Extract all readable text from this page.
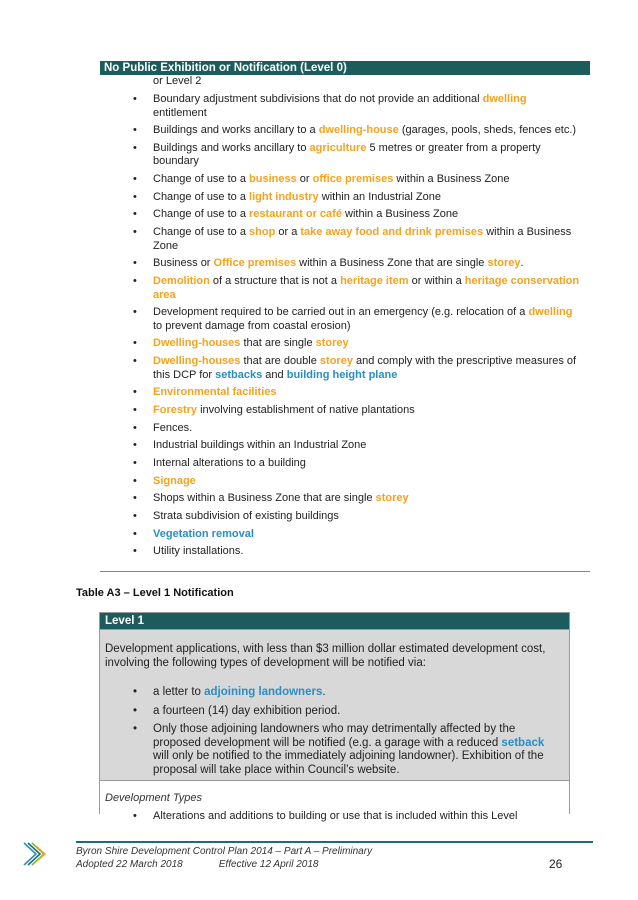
No Public Exhibition or Notification (Level 0)
or Level 2
• Boundary adjustment subdivisions that do not provide an additional dwelling entitlement
• Buildings and works ancillary to a dwelling-house (garages, pools, sheds, fences etc.)
• Buildings and works ancillary to agriculture 5 metres or greater from a property boundary
• Change of use to a business or office premises within a Business Zone
• Change of use to a light industry within an Industrial Zone
• Change of use to a restaurant or café within a Business Zone
• Change of use to a shop or a take away food and drink premises within a Business Zone
• Business or Office premises within a Business Zone that are single storey.
• Demolition of a structure that is not a heritage item or within a heritage conservation area
• Development required to be carried out in an emergency (e.g. relocation of a dwelling to prevent damage from coastal erosion)
• Dwelling-houses that are single storey
• Dwelling-houses that are double storey and comply with the prescriptive measures of this DCP for setbacks and building height plane
• Environmental facilities
• Forestry involving establishment of native plantations
• Fences.
• Industrial buildings within an Industrial Zone
• Internal alterations to a building
• Signage
• Shops within a Business Zone that are single storey
• Strata subdivision of existing buildings
• Vegetation removal
• Utility installations.
Table A3 – Level 1 Notification
Level 1
Development applications, with less than $3 million dollar estimated development cost, involving the following types of development will be notified via:
• a letter to adjoining landowners.
• a fourteen (14) day exhibition period.
• Only those adjoining landowners who may detrimentally affected by the proposed development will be notified (e.g. a garage with a reduced setback will only be notified to the immediately adjoining landowner). Exhibition of the proposal will take place within Council’s website.
Development Types
• Alterations and additions to building or use that is included within this Level
Byron Shire Development Control Plan 2014 – Part A – Preliminary
Adopted 22 March 2018	Effective 12 April 2018	26
